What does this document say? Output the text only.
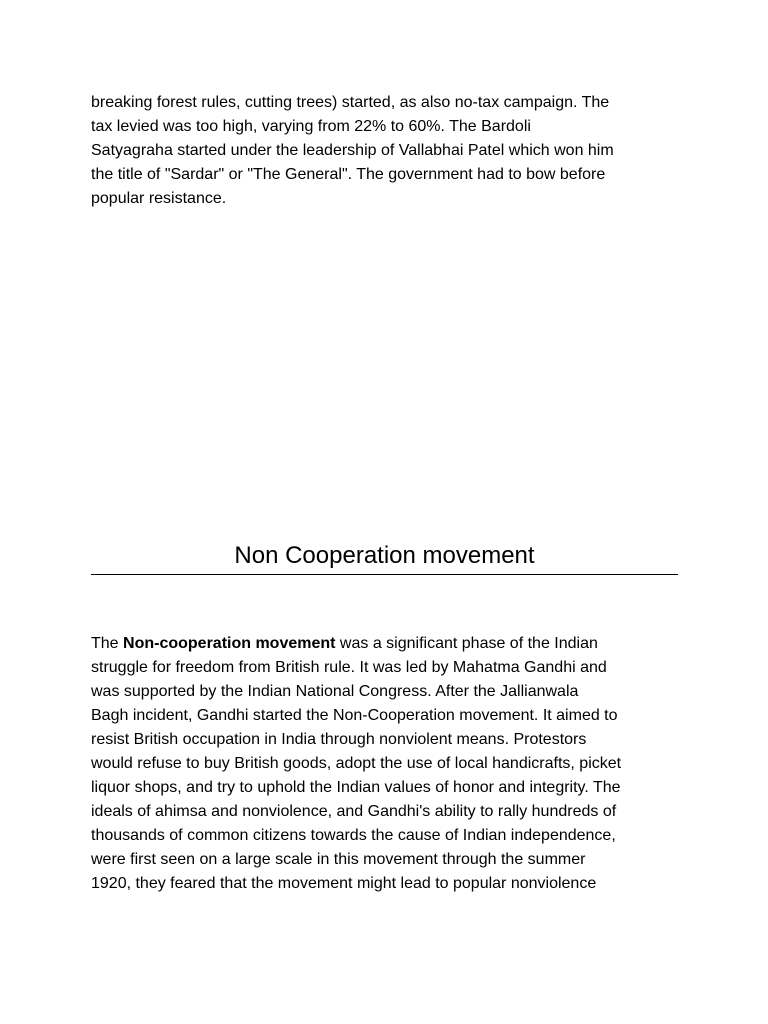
breaking forest rules, cutting trees) started, as also no-tax campaign. The
tax levied was too high, varying from 22% to 60%. The Bardoli
Satyagraha started under the leadership of Vallabhai Patel which won him
the title of "Sardar" or "The General". The government had to bow before
popular resistance.

Non Cooperation movement

The Non-cooperation movement was a significant phase of the Indian
struggle for freedom from British rule. It was led by Mahatma Gandhi and
was supported by the Indian National Congress. After the Jallianwala
Bagh incident, Gandhi started the Non-Cooperation movement. It aimed to
resist British occupation in India through nonviolent means. Protestors
would refuse to buy British goods, adopt the use of local handicrafts, picket
liquor shops, and try to uphold the Indian values of honor and integrity. The
ideals of ahimsa and nonviolence, and Gandhi's ability to rally hundreds of
thousands of common citizens towards the cause of Indian independence,
were first seen on a large scale in this movement through the summer
1920, they feared that the movement might lead to popular nonviolence
